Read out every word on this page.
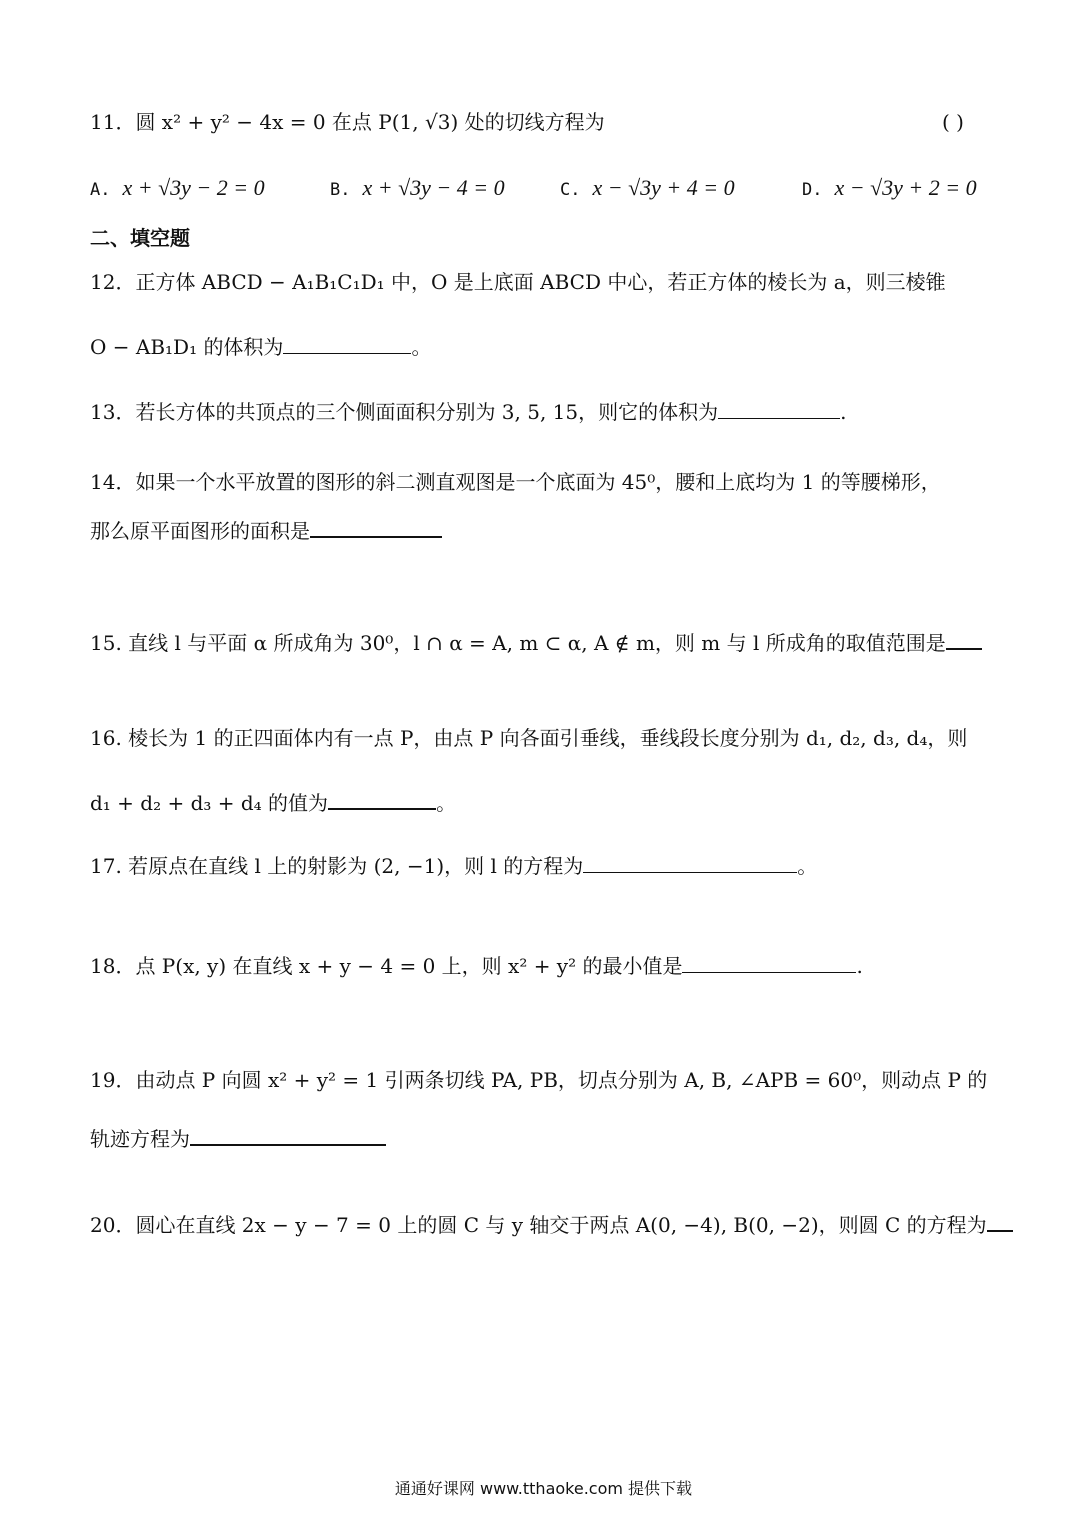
11．圆 x² + y² − 4x = 0 在点 P(1, √3) 处的切线方程为	( )
A. x + √3y − 2 = 0	B. x + √3y − 4 = 0	C. x − √3y + 4 = 0	D. x − √3y + 2 = 0
二、填空题
12．正方体 ABCD − A₁B₁C₁D₁ 中，O 是上底面 ABCD 中心，若正方体的棱长为 a，则三棱锥
O − AB₁D₁ 的体积为	。
13．若长方体的共顶点的三个侧面面积分别为 3, 5, 15，则它的体积为	.
14．如果一个水平放置的图形的斜二测直观图是一个底面为 45⁰，腰和上底均为 1 的等腰梯形，
那么原平面图形的面积是
15. 直线 l 与平面 α 所成角为 30⁰，l ∩ α = A, m ⊂ α, A ∉ m，则 m 与 l 所成角的取值范围是
16. 棱长为 1 的正四面体内有一点 P，由点 P 向各面引垂线，垂线段长度分别为 d₁, d₂, d₃, d₄，则
d₁ + d₂ + d₃ + d₄ 的值为	。
17. 若原点在直线 l 上的射影为 (2, −1)，则 l 的方程为	。
18．点 P(x, y) 在直线 x + y − 4 = 0 上，则 x² + y² 的最小值是	.
19．由动点 P 向圆 x² + y² = 1 引两条切线 PA, PB，切点分别为 A, B, ∠APB = 60⁰，则动点 P 的
轨迹方程为
20．圆心在直线 2x − y − 7 = 0 上的圆 C 与 y 轴交于两点 A(0, −4), B(0, −2)，则圆 C 的方程为
通通好课网 www.tthaoke.com 提供下载
